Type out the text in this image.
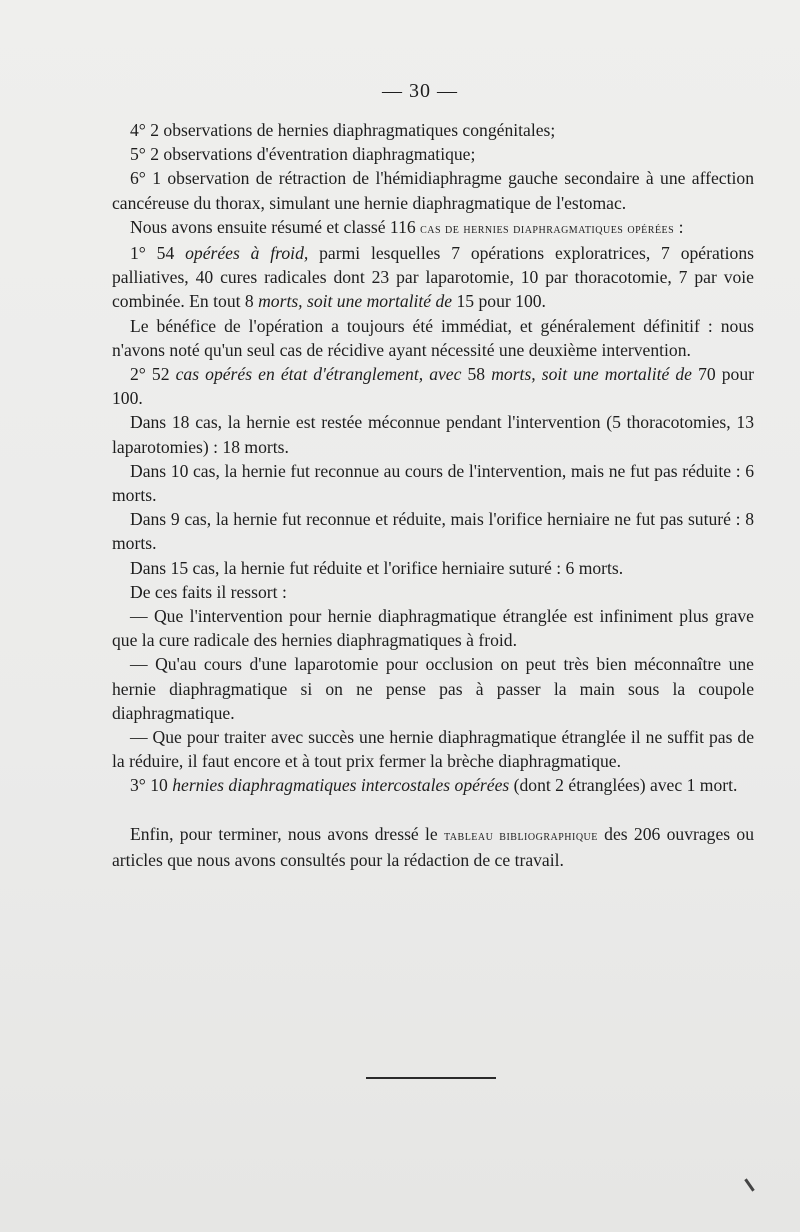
— 30 —

4° 2 observations de hernies diaphragmatiques congénitales;

5° 2 observations d'éventration diaphragmatique;

6° 1 observation de rétraction de l'hémidiaphragme gauche secondaire à une affection cancéreuse du thorax, simulant une hernie diaphragmatique de l'estomac.

Nous avons ensuite résumé et classé 116 cas de hernies diaphragmatiques opérées :

1° 54 opérées à froid, parmi lesquelles 7 opérations exploratrices, 7 opérations palliatives, 40 cures radicales dont 23 par laparotomie, 10 par thoracotomie, 7 par voie combinée. En tout 8 morts, soit une mortalité de 15 pour 100.

Le bénéfice de l'opération a toujours été immédiat, et généralement définitif : nous n'avons noté qu'un seul cas de récidive ayant nécessité une deuxième intervention.

2° 52 cas opérés en état d'étranglement, avec 58 morts, soit une mortalité de 70 pour 100.

Dans 18 cas, la hernie est restée méconnue pendant l'intervention (5 thoracotomies, 13 laparotomies) : 18 morts.

Dans 10 cas, la hernie fut reconnue au cours de l'intervention, mais ne fut pas réduite : 6 morts.

Dans 9 cas, la hernie fut reconnue et réduite, mais l'orifice herniaire ne fut pas suturé : 8 morts.

Dans 15 cas, la hernie fut réduite et l'orifice herniaire suturé : 6 morts.

De ces faits il ressort :

— Que l'intervention pour hernie diaphragmatique étranglée est infiniment plus grave que la cure radicale des hernies diaphragmatiques à froid.

— Qu'au cours d'une laparotomie pour occlusion on peut très bien méconnaître une hernie diaphragmatique si on ne pense pas à passer la main sous la coupole diaphragmatique.

— Que pour traiter avec succès une hernie diaphragmatique étranglée il ne suffit pas de la réduire, il faut encore et à tout prix fermer la brèche diaphragmatique.

3° 10 hernies diaphragmatiques intercostales opérées (dont 2 étranglées) avec 1 mort.

Enfin, pour terminer, nous avons dressé le tableau bibliographique des 206 ouvrages ou articles que nous avons consultés pour la rédaction de ce travail.
